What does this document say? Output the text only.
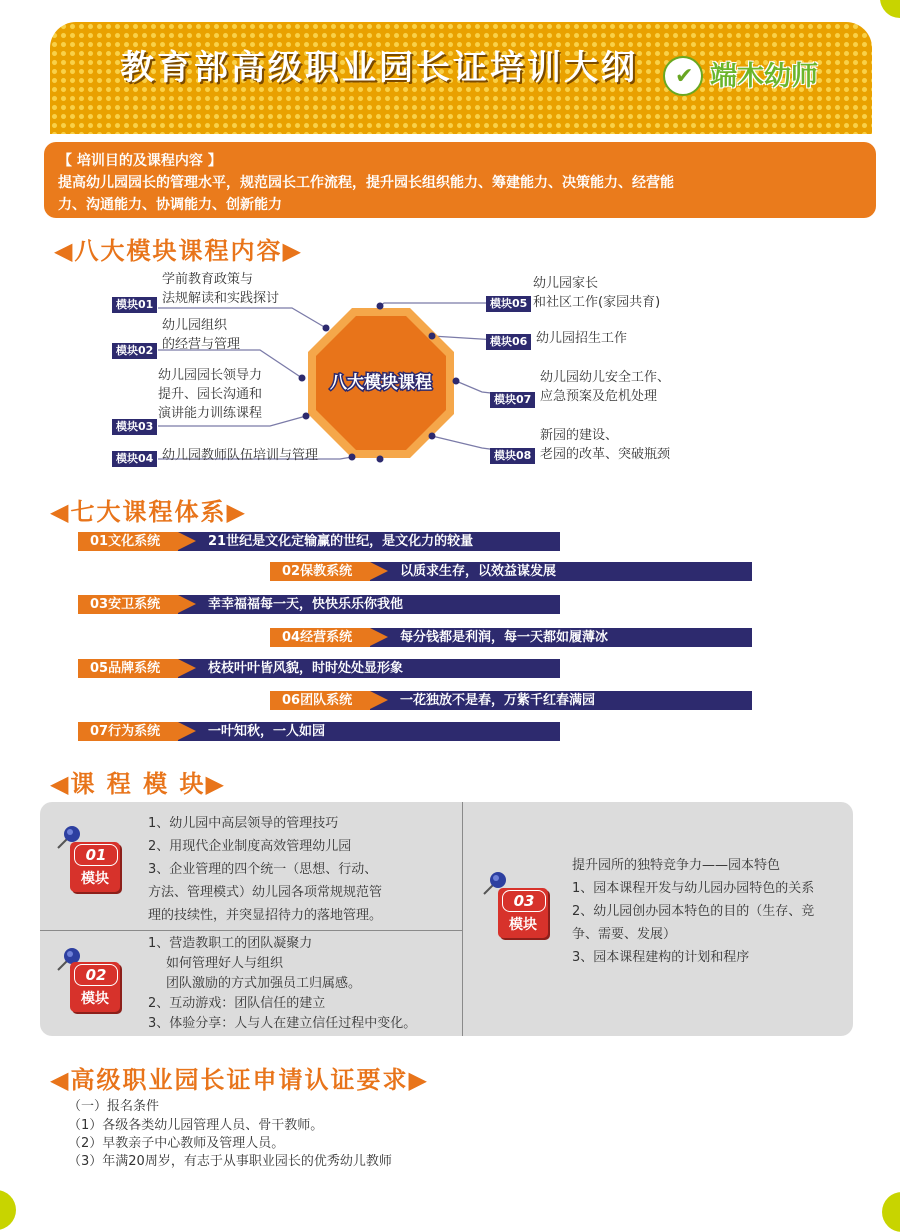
教育部高级职业园长证培训大纲 ✔ 端木幼师
【 培训目的及课程内容 】
提高幼儿园园长的管理水平，规范园长工作流程，提升园长组织能力、筹建能力、决策能力、经营能
力、沟通能力、协调能力、创新能力
◀八大模块课程内容▶
八大模块课程
模块01
学前教育政策与
法规解读和实践探讨
模块02
幼儿园组织
的经营与管理
模块03
幼儿园园长领导力
提升、园长沟通和
演讲能力训练课程
模块04 幼儿园教师队伍培训与管理
模块05
幼儿园家长
和社区工作(家园共育)
模块06 幼儿园招生工作
模块07
幼儿园幼儿安全工作、
应急预案及危机处理
模块08
新园的建设、
老园的改革、突破瓶颈
◀七大课程体系▶
01文化系统	21世纪是文化定输赢的世纪，是文化力的较量
02保教系统	以质求生存，以效益谋发展
03安卫系统	幸幸福福每一天，快快乐乐你我他
04经营系统	每分钱都是利润，每一天都如履薄冰
05品牌系统	枝枝叶叶皆风貌，时时处处显形象
06团队系统	一花独放不是春，万紫千红春满园
07行为系统	一叶知秋，一人如园
◀课 程 模 块▶
01
模块
1、幼儿园中高层领导的管理技巧
2、用现代企业制度高效管理幼儿园
3、企业管理的四个统一（思想、行动、
方法、管理模式）幼儿园各项常规规范管
理的技续性，并突显招待力的落地管理。
02
模块
1、营造教职工的团队凝聚力
如何管理好人与组织
团队激励的方式加强员工归属感。
2、互动游戏：团队信任的建立
3、体验分享：人与人在建立信任过程中变化。
03
模块
提升园所的独特竞争力——园本特色
1、园本课程开发与幼儿园办园特色的关系
2、幼儿园创办园本特色的目的（生存、竞
争、需要、发展）
3、园本课程建构的计划和程序
◀高级职业园长证申请认证要求▶
（一）报名条件
（1）各级各类幼儿园管理人员、骨干教师。
（2）早教亲子中心教师及管理人员。
（3）年满20周岁，有志于从事职业园长的优秀幼儿教师
